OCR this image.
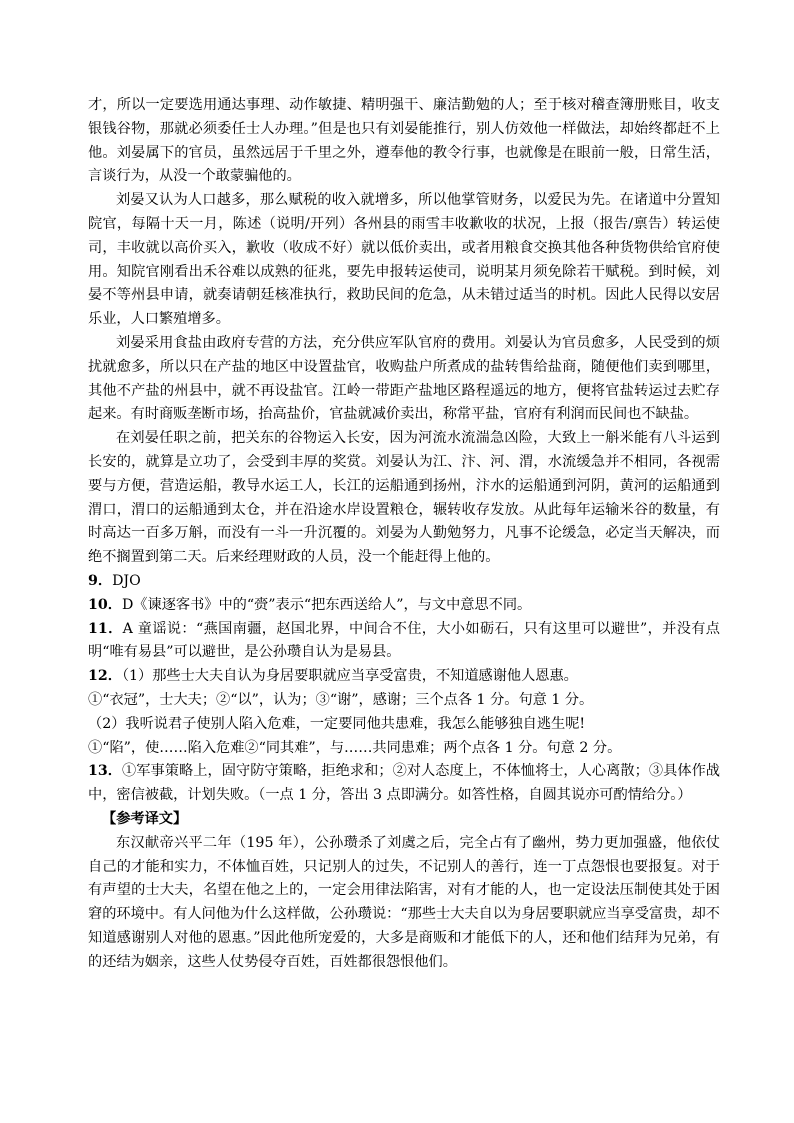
才，所以一定要选用通达事理、动作敏捷、精明强干、廉洁勤勉的人；至于核对稽查簿册账目，收支银钱谷物，那就必须委任士人办理。”但是也只有刘晏能推行，别人仿效他一样做法，却始终都赶不上他。刘晏属下的官员，虽然远居于千里之外，遵奉他的教令行事，也就像是在眼前一般，日常生活，言谈行为，从没一个敢蒙骗他的。

刘晏又认为人口越多，那么赋税的收入就增多，所以他掌管财务，以爱民为先。在诸道中分置知院官，每隔十天一月，陈述（说明/开列）各州县的雨雪丰收歉收的状况，上报（报告/禀告）转运使司，丰收就以高价买入，歉收（收成不好）就以低价卖出，或者用粮食交换其他各种货物供给官府使用。知院官刚看出禾谷难以成熟的征兆，要先申报转运使司，说明某月须免除若干赋税。到时候，刘晏不等州县申请，就奏请朝廷核准执行，救助民间的危急，从未错过适当的时机。因此人民得以安居乐业，人口繁殖增多。

刘晏采用食盐由政府专营的方法，充分供应军队官府的费用。刘晏认为官员愈多，人民受到的烦扰就愈多，所以只在产盐的地区中设置盐官，收购盐户所煮成的盐转售给盐商，随便他们卖到哪里，其他不产盐的州县中，就不再设盐官。江岭一带距产盐地区路程遥远的地方，便将官盐转运过去贮存起来。有时商贩垄断市场，抬高盐价，官盐就减价卖出，称常平盐，官府有利润而民间也不缺盐。

在刘晏任职之前，把关东的谷物运入长安，因为河流水流湍急凶险，大致上一斛米能有八斗运到长安的，就算是立功了，会受到丰厚的奖赏。刘晏认为江、汴、河、渭，水流缓急并不相同，各视需要与方便，营造运船，教导水运工人，长江的运船通到扬州，汴水的运船通到河阴，黄河的运船通到渭口，渭口的运船通到太仓，并在沿途水岸设置粮仓，辗转收存发放。从此每年运输米谷的数量，有时高达一百多万斛，而没有一斗一升沉覆的。刘晏为人勤勉努力，凡事不论缓急，必定当天解决，而绝不搁置到第二天。后来经理财政的人员，没一个能赶得上他的。

9．DJO

10．D《谏逐客书》中的“赍”表示“把东西送给人”，与文中意思不同。

11．A 童谣说：“燕国南疆，赵国北界，中间合不住，大小如砺石，只有这里可以避世”，并没有点明“唯有易县”可以避世，是公孙瓒自认为是易县。

12．（1）那些士大夫自认为身居要职就应当享受富贵，不知道感谢他人恩惠。

①“衣冠”，士大夫；②“以”，认为；③“谢”，感谢；三个点各 1 分。句意 1 分。

（2）我听说君子使别人陷入危难，一定要同他共患难，我怎么能够独自逃生呢!

①“陷”，使……陷入危难②“同其难”，与……共同患难；两个点各 1 分。句意 2 分。

13．①军事策略上，固守防守策略，拒绝求和；②对人态度上，不体恤将士，人心离散；③具体作战中，密信被截，计划失败。（一点 1 分，答出 3 点即满分。如答性格，自圆其说亦可酌情给分。）

【参考译文】

东汉献帝兴平二年（195 年），公孙瓒杀了刘虞之后，完全占有了幽州，势力更加强盛，他依仗自己的才能和实力，不体恤百姓，只记别人的过失，不记别人的善行，连一丁点怨恨也要报复。对于有声望的士大夫，名望在他之上的，一定会用律法陷害，对有才能的人，也一定设法压制使其处于困窘的环境中。有人问他为什么这样做，公孙瓒说：“那些士大夫自以为身居要职就应当享受富贵，却不知道感谢别人对他的恩惠。”因此他所宠爱的，大多是商贩和才能低下的人，还和他们结拜为兄弟，有的还结为姻亲，这些人仗势侵夺百姓，百姓都很怨恨他们。
